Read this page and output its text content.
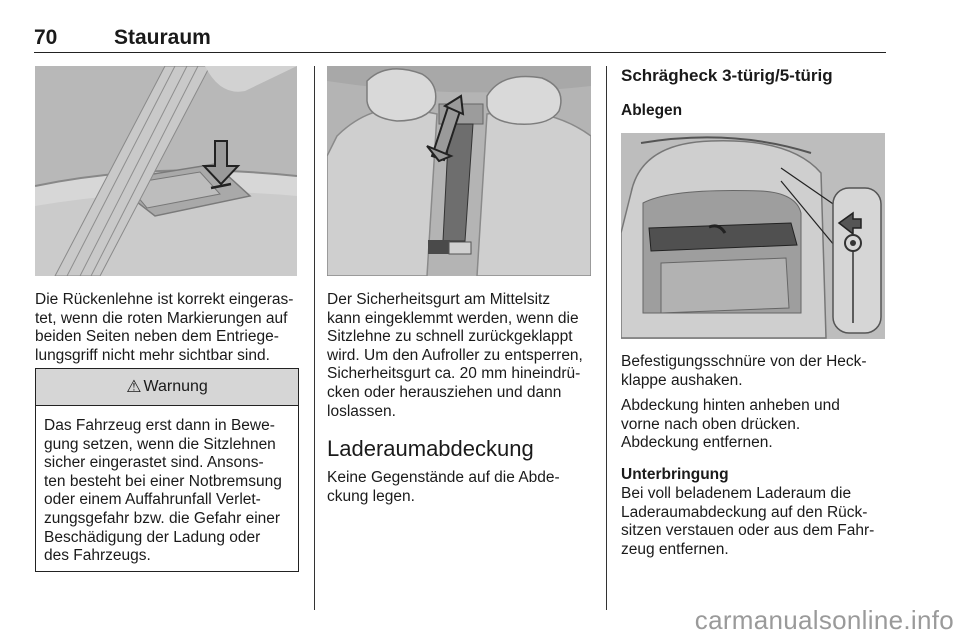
70	Stauraum
Die Rückenlehne ist korrekt eingeras-
tet, wenn die roten Markierungen auf
beiden Seiten neben dem Entriege-
lungsgriff nicht mehr sichtbar sind.
⚠ Warnung
Das Fahrzeug erst dann in Bewe-
gung setzen, wenn die Sitzlehnen
sicher eingerastet sind. Ansons-
ten besteht bei einer Notbremsung
oder einem Auffahrunfall Verlet-
zungsgefahr bzw. die Gefahr einer
Beschädigung der Ladung oder
des Fahrzeugs.
Der Sicherheitsgurt am Mittelsitz
kann eingeklemmt werden, wenn die
Sitzlehne zu schnell zurückgeklappt
wird. Um den Aufroller zu entsperren,
Sicherheitsgurt ca. 20 mm hineindrü-
cken oder herausziehen und dann
loslassen.
Laderaumabdeckung
Keine Gegenstände auf die Abde-
ckung legen.
Schrägheck 3-türig/5-türig
Ablegen
Befestigungsschnüre von der Heck-
klappe aushaken.
Abdeckung hinten anheben und
vorne nach oben drücken.
Abdeckung entfernen.
Unterbringung
Bei voll beladenem Laderaum die
Laderaumabdeckung auf den Rück-
sitzen verstauen oder aus dem Fahr-
zeug entfernen.
carmanualsonline.info
